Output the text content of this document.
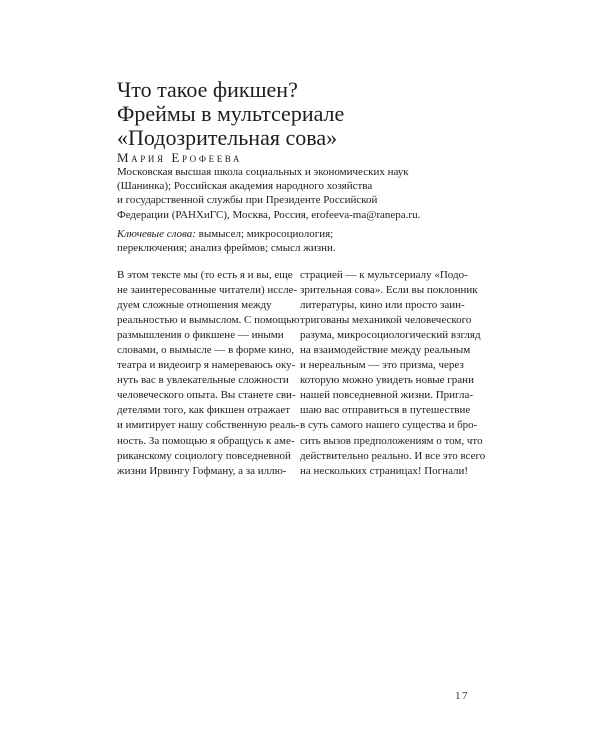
Что такое фикшен?
Фреймы в мультсериале
«Подозрительная сова»
Мария Ерофеева
Московская высшая школа социальных и экономических наук
(Шанинка); Российская академия народного хозяйства
и государственной службы при Президенте Российской
Федерации (РАНХиГС), Москва, Россия, erofeeva-ma@ranepa.ru.
Ключевые слова: вымысел; микросоциология;
переключения; анализ фреймов; смысл жизни.
В этом тексте мы (то есть я и вы, еще
не заинтересованные читатели) иссле-
дуем сложные отношения между
реальностью и вымыслом. С помощью
размышления о фикшене — иными
словами, о вымысле — в форме кино,
театра и видеоигр я намереваюсь оку-
нуть вас в увлекательные сложности
человеческого опыта. Вы станете сви-
детелями того, как фикшен отражает
и имитирует нашу собственную реаль-
ность. За помощью я обращусь к аме-
риканскому социологу повседневной
жизни Ирвингу Гофману, а за иллю-
страцией — к мультсериалу «Подо-
зрительная сова». Если вы поклонник
литературы, кино или просто заин-
тригованы механикой человеческого
разума, микросоциологический взгляд
на взаимодействие между реальным
и нереальным — это призма, через
которую можно увидеть новые грани
нашей повседневной жизни. Пригла-
шаю вас отправиться в путешествие
в суть самого нашего существа и бро-
сить вызов предположениям о том, что
действительно реально. И все это всего
на нескольких страницах! Погнали!
17
